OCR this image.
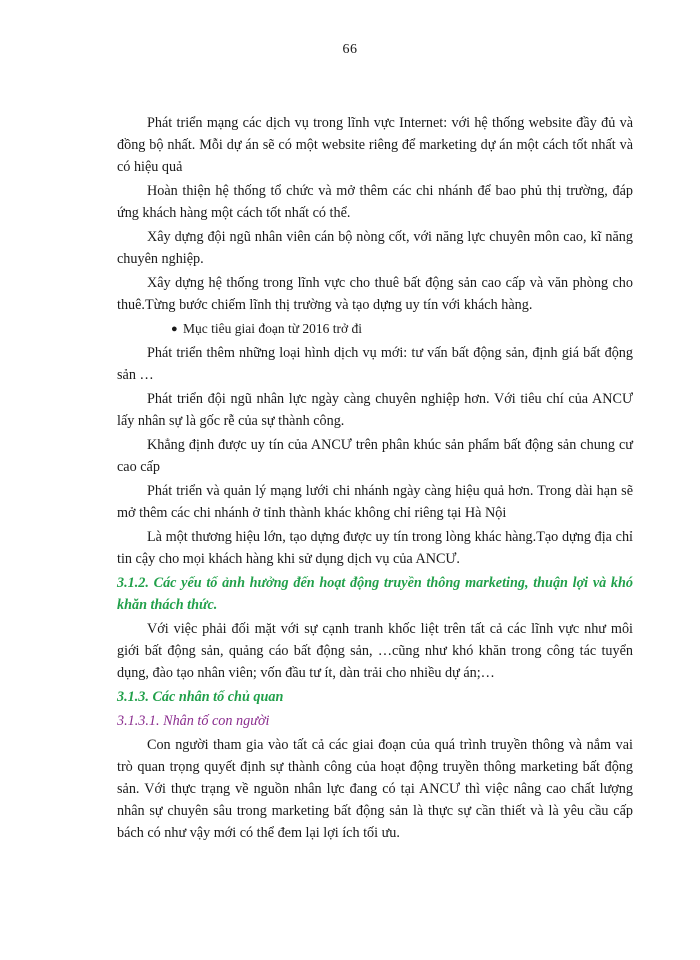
66

Phát triển mạng các dịch vụ trong lĩnh vực Internet: với hệ thống website đầy đủ và đồng bộ nhất. Mỗi dự án sẽ có một website riêng để marketing dự án một cách tốt nhất và có hiệu quả

Hoàn thiện hệ thống tổ chức và mở thêm các chi nhánh để bao phủ thị trường, đáp ứng khách hàng một cách tốt nhất có thể.

Xây dựng đội ngũ nhân viên cán bộ nòng cốt, với năng lực chuyên môn cao, kĩ năng chuyên nghiệp.

Xây dựng hệ thống trong lĩnh vực cho thuê bất động sản cao cấp và văn phòng cho thuê.Từng bước chiếm lĩnh thị trường và tạo dựng uy tín với khách hàng.

● Mục tiêu giai đoạn từ 2016 trở đi

Phát triển thêm những loại hình dịch vụ mới: tư vấn bất động sản, định giá bất động sản …

Phát triển đội ngũ nhân lực ngày càng chuyên nghiệp hơn. Với tiêu chí của ANCƯ lấy nhân sự là gốc rễ của sự thành công.

Khẳng định được uy tín của ANCƯ trên phân khúc sản phẩm bất động sản chung cư cao cấp

Phát triển và quản lý mạng lưới chi nhánh ngày càng hiệu quả hơn. Trong dài hạn sẽ mở thêm các chi nhánh ở tỉnh thành khác không chỉ riêng tại Hà Nội

Là một thương hiệu lớn, tạo dựng được uy tín trong lòng khác hàng.Tạo dựng địa chỉ tin cậy cho mọi khách hàng khi sử dụng dịch vụ của ANCƯ.

3.1.2. Các yếu tố ảnh hưởng đến hoạt động truyền thông marketing, thuận lợi và khó khăn thách thức.

Với việc phải đối mặt với sự cạnh tranh khốc liệt trên tất cả các lĩnh vực như môi giới bất động sản, quảng cáo bất động sản, …cũng như khó khăn trong công tác tuyển dụng, đào tạo nhân viên; vốn đầu tư ít, dàn trải cho nhiều dự án;…

3.1.3. Các nhân tố chủ quan

3.1.3.1. Nhân tố con người

Con người tham gia vào tất cả các giai đoạn của quá trình truyền thông và nắm vai trò quan trọng quyết định sự thành công của hoạt động truyền thông marketing bất động sản. Với thực trạng về nguồn nhân lực đang có tại ANCƯ thì việc nâng cao chất lượng nhân sự chuyên sâu trong marketing bất động sản là thực sự cần thiết và là yêu cầu cấp bách có như vậy mới có thể đem lại lợi ích tối ưu.
